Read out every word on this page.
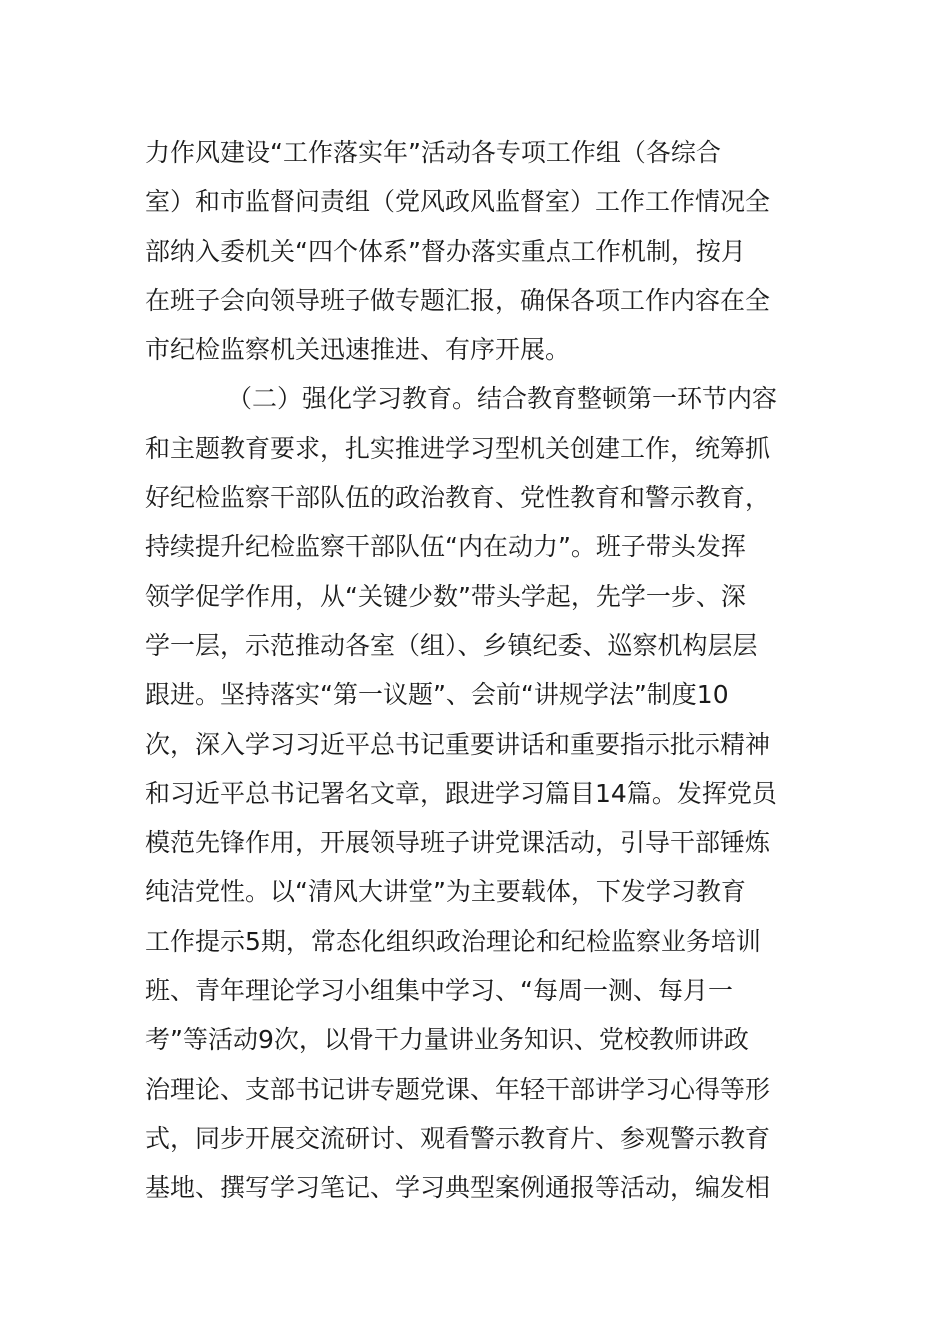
力作风建设“工作落实年”活动各专项工作组（各综合
室）和市监督问责组（党风政风监督室）工作工作情况全
部纳入委机关“四个体系”督办落实重点工作机制，按月
在班子会向领导班子做专题汇报，确保各项工作内容在全
市纪检监察机关迅速推进、有序开展。
（二）强化学习教育。结合教育整顿第一环节内容
和主题教育要求，扎实推进学习型机关创建工作，统筹抓
好纪检监察干部队伍的政治教育、党性教育和警示教育，
持续提升纪检监察干部队伍“内在动力”。班子带头发挥
领学促学作用，从“关键少数”带头学起，先学一步、深
学一层，示范推动各室（组）、乡镇纪委、巡察机构层层
跟进。坚持落实“第一议题”、会前“讲规学法”制度10
次，深入学习习近平总书记重要讲话和重要指示批示精神
和习近平总书记署名文章，跟进学习篇目14篇。发挥党员
模范先锋作用，开展领导班子讲党课活动，引导干部锤炼
纯洁党性。以“清风大讲堂”为主要载体，下发学习教育
工作提示5期，常态化组织政治理论和纪检监察业务培训
班、青年理论学习小组集中学习、“每周一测、每月一
考”等活动9次，以骨干力量讲业务知识、党校教师讲政
治理论、支部书记讲专题党课、年轻干部讲学习心得等形
式，同步开展交流研讨、观看警示教育片、参观警示教育
基地、撰写学习笔记、学习典型案例通报等活动，编发相
